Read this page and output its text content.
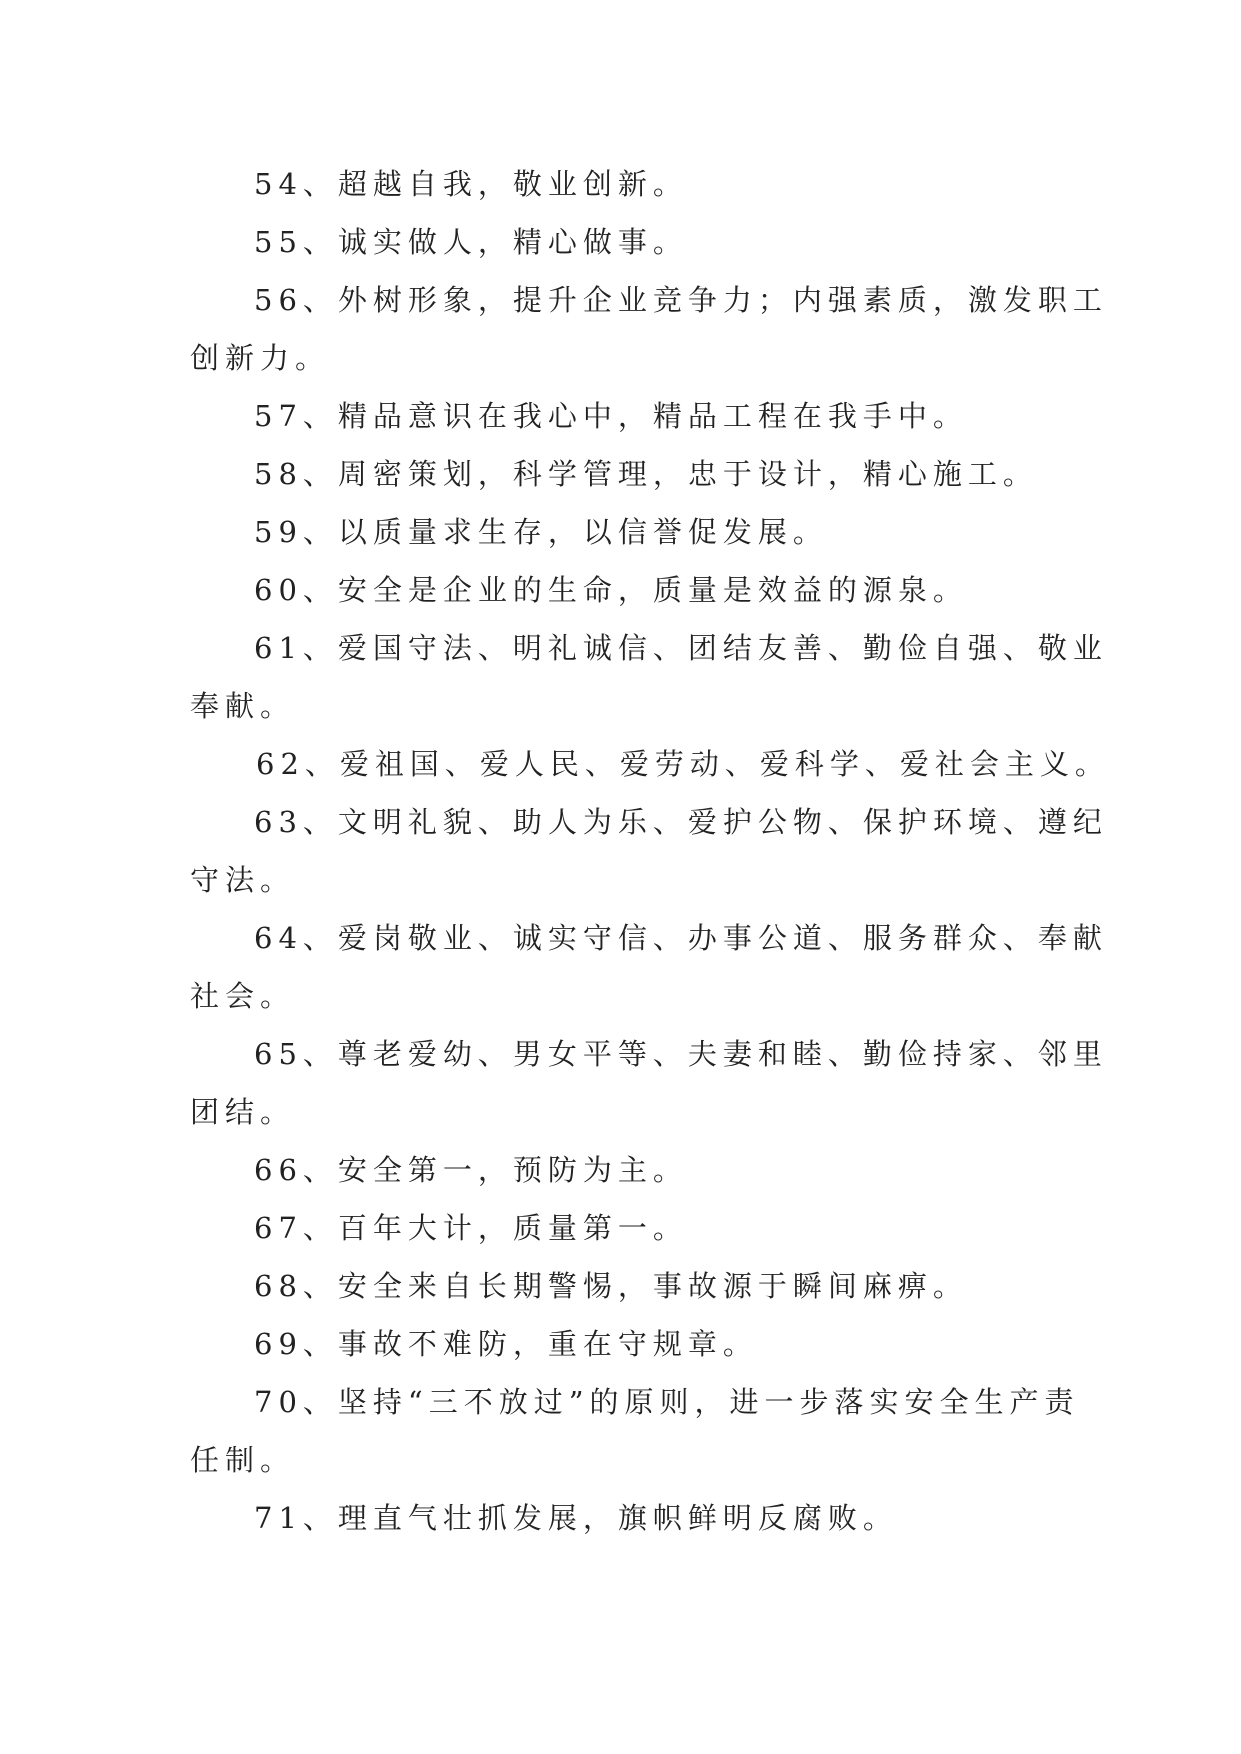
54、超越自我，敬业创新。

55、诚实做人，精心做事。

56、外树形象，提升企业竞争力；内强素质，激发职工

创新力。

57、精品意识在我心中，精品工程在我手中。

58、周密策划，科学管理，忠于设计，精心施工。

59、以质量求生存，以信誉促发展。

60、安全是企业的生命，质量是效益的源泉。

61、爱国守法、明礼诚信、团结友善、勤俭自强、敬业

奉献。

62、爱祖国、爱人民、爱劳动、爱科学、爱社会主义。

63、文明礼貌、助人为乐、爱护公物、保护环境、遵纪

守法。

64、爱岗敬业、诚实守信、办事公道、服务群众、奉献

社会。

65、尊老爱幼、男女平等、夫妻和睦、勤俭持家、邻里

团结。

66、安全第一，预防为主。

67、百年大计，质量第一。

68、安全来自长期警惕，事故源于瞬间麻痹。

69、事故不难防，重在守规章。

70、坚持“三不放过”的原则，进一步落实安全生产责

任制。

71、理直气壮抓发展，旗帜鲜明反腐败。
